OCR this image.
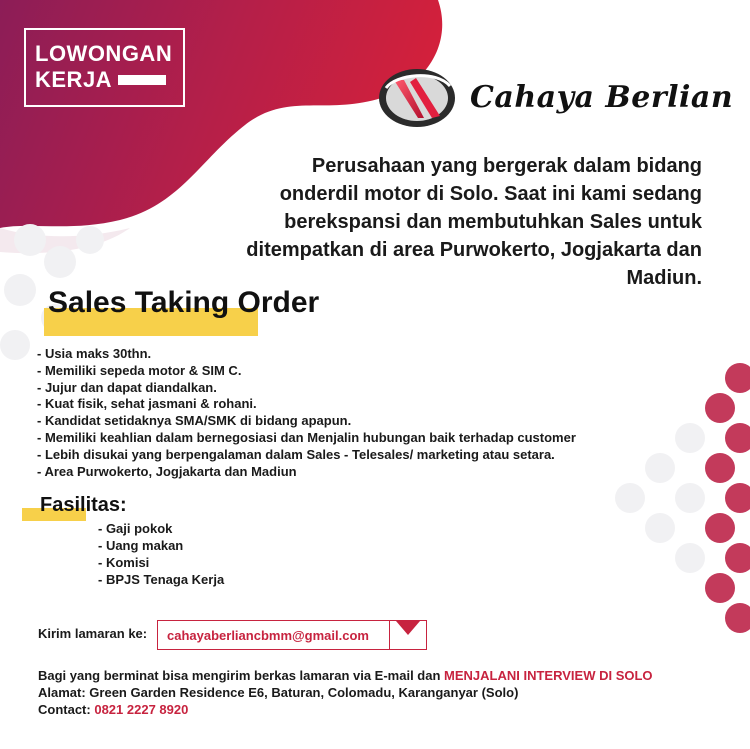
LOWONGAN
KERJA
Cahaya Berlian
Perusahaan yang bergerak dalam bidang
onderdil motor di Solo. Saat ini kami sedang
berekspansi dan membutuhkan Sales untuk
ditempatkan di area Purwokerto, Jogjakarta dan
Madiun.
Sales Taking Order
- Usia maks 30thn.
- Memiliki sepeda motor & SIM C.
- Jujur dan dapat diandalkan.
- Kuat fisik, sehat jasmani & rohani.
- Kandidat setidaknya SMA/SMK di bidang apapun.
- Memiliki keahlian dalam bernegosiasi dan Menjalin hubungan baik terhadap customer
- Lebih disukai yang berpengalaman dalam Sales - Telesales/ marketing atau setara.
- Area Purwokerto, Jogjakarta dan Madiun
Fasilitas:
- Gaji pokok
- Uang makan
- Komisi
- BPJS Tenaga Kerja
Kirim lamaran ke:	cahayaberliancbmm@gmail.com
Bagi yang berminat bisa mengirim berkas lamaran via E-mail dan MENJALANI INTERVIEW DI SOLO
Alamat: Green Garden Residence E6, Baturan, Colomadu, Karanganyar (Solo)
Contact: 0821 2227 8920
